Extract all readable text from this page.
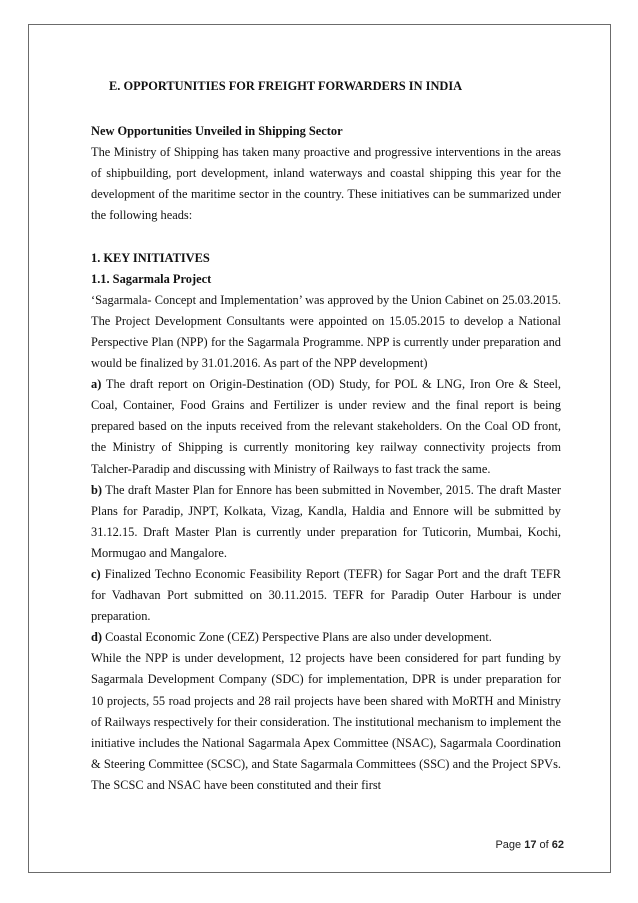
E. OPPORTUNITIES FOR FREIGHT FORWARDERS IN INDIA

New Opportunities Unveiled in Shipping Sector

The Ministry of Shipping has taken many proactive and progressive interventions in the areas of shipbuilding, port development, inland waterways and coastal shipping this year for the development of the maritime sector in the country. These initiatives can be summarized under the following heads:

1. KEY INITIATIVES

1.1. Sagarmala Project

‘Sagarmala- Concept and Implementation’ was approved by the Union Cabinet on 25.03.2015. The Project Development Consultants were appointed on 15.05.2015 to develop a National Perspective Plan (NPP) for the Sagarmala Programme. NPP is currently under preparation and would be finalized by 31.01.2016. As part of the NPP development)

a) The draft report on Origin-Destination (OD) Study, for POL & LNG, Iron Ore & Steel, Coal, Container, Food Grains and Fertilizer is under review and the final report is being prepared based on the inputs received from the relevant stakeholders. On the Coal OD front, the Ministry of Shipping is currently monitoring key railway connectivity projects from Talcher-Paradip and discussing with Ministry of Railways to fast track the same.

b) The draft Master Plan for Ennore has been submitted in November, 2015. The draft Master Plans for Paradip, JNPT, Kolkata, Vizag, Kandla, Haldia and Ennore will be submitted by 31.12.15. Draft Master Plan is currently under preparation for Tuticorin, Mumbai, Kochi, Mormugao and Mangalore.

c) Finalized Techno Economic Feasibility Report (TEFR) for Sagar Port and the draft TEFR for Vadhavan Port submitted on 30.11.2015. TEFR for Paradip Outer Harbour is under preparation.

d) Coastal Economic Zone (CEZ) Perspective Plans are also under development.

While the NPP is under development, 12 projects have been considered for part funding by Sagarmala Development Company (SDC) for implementation, DPR is under preparation for 10 projects, 55 road projects and 28 rail projects have been shared with MoRTH and Ministry of Railways respectively for their consideration. The institutional mechanism to implement the initiative includes the National Sagarmala Apex Committee (NSAC), Sagarmala Coordination & Steering Committee (SCSC), and State Sagarmala Committees (SSC) and the Project SPVs. The SCSC and NSAC have been constituted and their first

Page 17 of 62
